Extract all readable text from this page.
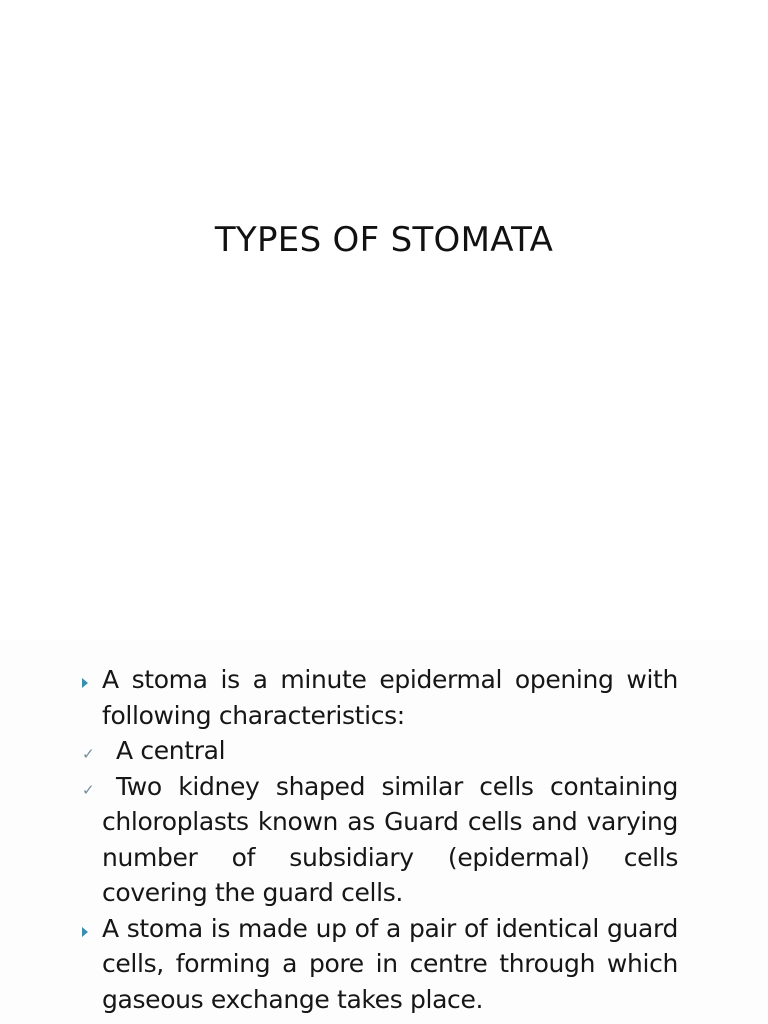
TYPES OF STOMATA

A stoma is a minute epidermal opening with following characteristics:

✓ A central

✓ Two kidney shaped similar cells containing chloroplasts known as Guard cells and varying number of subsidiary (epidermal) cells covering the guard cells.

A stoma is made up of a pair of identical guard cells, forming a pore in centre through which gaseous exchange takes place.
